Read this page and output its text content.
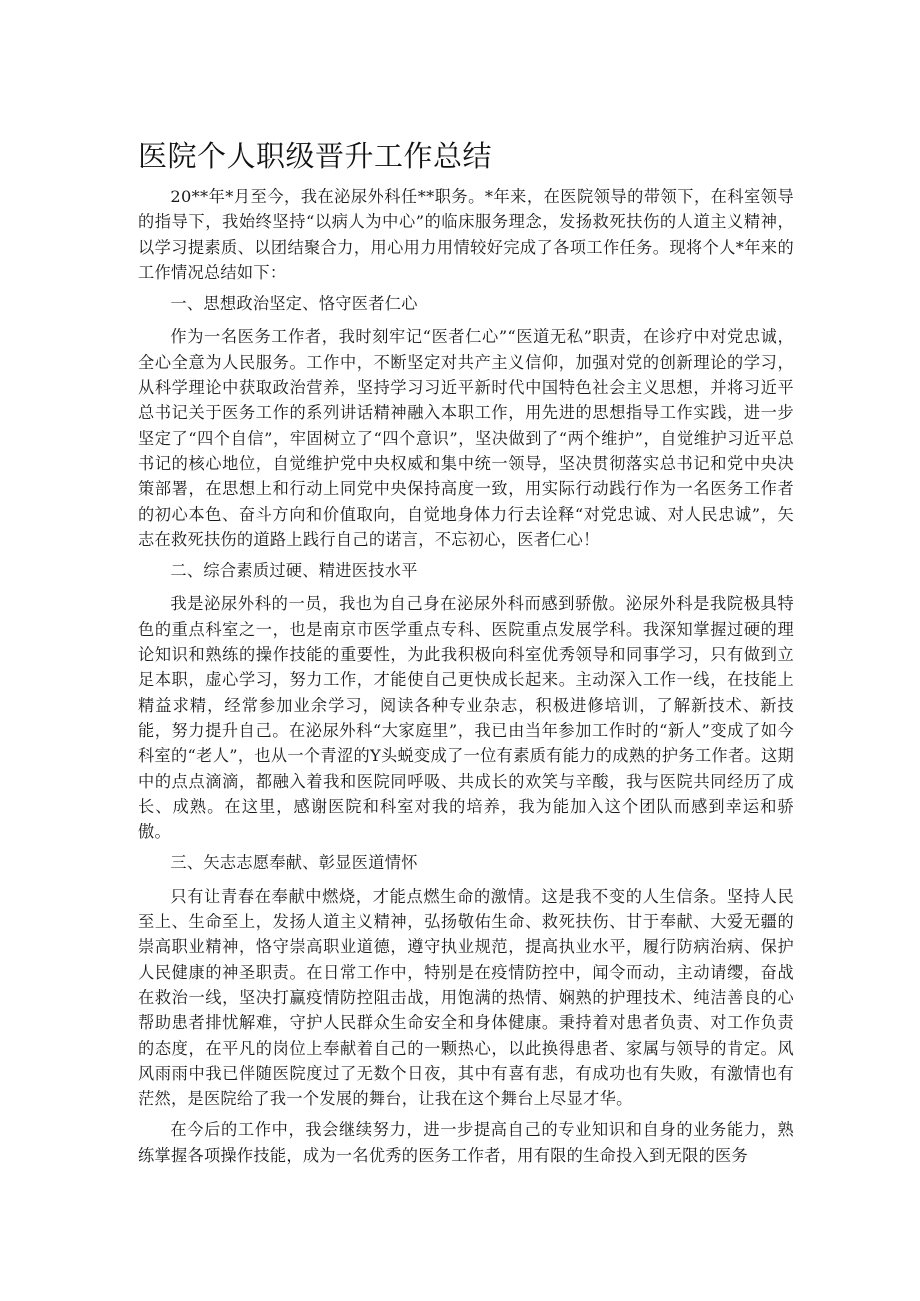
医院个人职级晋升工作总结

20**年*月至今，我在泌尿外科任**职务。*年来，在医院领导的带领下，在科室领导的指导下，我始终坚持“以病人为中心”的临床服务理念，发扬救死扶伤的人道主义精神，以学习提素质、以团结聚合力，用心用力用情较好完成了各项工作任务。现将个人*年来的工作情况总结如下：

一、思想政治坚定、恪守医者仁心

作为一名医务工作者，我时刻牢记“医者仁心”“医道无私”职责，在诊疗中对党忠诚，全心全意为人民服务。工作中，不断坚定对共产主义信仰，加强对党的创新理论的学习，从科学理论中获取政治营养，坚持学习习近平新时代中国特色社会主义思想，并将习近平总书记关于医务工作的系列讲话精神融入本职工作，用先进的思想指导工作实践，进一步坚定了“四个自信”，牢固树立了“四个意识”，坚决做到了“两个维护”，自觉维护习近平总书记的核心地位，自觉维护党中央权威和集中统一领导，坚决贯彻落实总书记和党中央决策部署，在思想上和行动上同党中央保持高度一致，用实际行动践行作为一名医务工作者的初心本色、奋斗方向和价值取向，自觉地身体力行去诠释“对党忠诚、对人民忠诚”，矢志在救死扶伤的道路上践行自己的诺言，不忘初心，医者仁心！

二、综合素质过硬、精进医技水平

我是泌尿外科的一员，我也为自己身在泌尿外科而感到骄傲。泌尿外科是我院极具特色的重点科室之一，也是南京市医学重点专科、医院重点发展学科。我深知掌握过硬的理论知识和熟练的操作技能的重要性，为此我积极向科室优秀领导和同事学习，只有做到立足本职，虚心学习，努力工作，才能使自己更快成长起来。主动深入工作一线，在技能上精益求精，经常参加业余学习，阅读各种专业杂志，积极进修培训，了解新技术、新技能，努力提升自己。在泌尿外科“大家庭里”，我已由当年参加工作时的“新人”变成了如今科室的“老人”，也从一个青涩的Y头蜕变成了一位有素质有能力的成熟的护务工作者。这期中的点点滴滴，都融入着我和医院同呼吸、共成长的欢笑与辛酸，我与医院共同经历了成长、成熟。在这里，感谢医院和科室对我的培养，我为能加入这个团队而感到幸运和骄傲。

三、矢志志愿奉献、彰显医道情怀

只有让青春在奉献中燃烧，才能点燃生命的激情。这是我不变的人生信条。坚持人民至上、生命至上，发扬人道主义精神，弘扬敬佑生命、救死扶伤、甘于奉献、大爱无疆的崇高职业精神，恪守崇高职业道德，遵守执业规范，提高执业水平，履行防病治病、保护人民健康的神圣职责。在日常工作中，特别是在疫情防控中，闻令而动，主动请缨，奋战在救治一线，坚决打赢疫情防控阻击战，用饱满的热情、娴熟的护理技术、纯洁善良的心帮助患者排忧解难，守护人民群众生命安全和身体健康。秉持着对患者负责、对工作负责的态度，在平凡的岗位上奉献着自己的一颗热心，以此换得患者、家属与领导的肯定。风风雨雨中我已伴随医院度过了无数个日夜，其中有喜有悲，有成功也有失败，有激情也有茫然，是医院给了我一个发展的舞台，让我在这个舞台上尽显才华。

在今后的工作中，我会继续努力，进一步提高自己的专业知识和自身的业务能力，熟练掌握各项操作技能，成为一名优秀的医务工作者，用有限的生命投入到无限的医务
